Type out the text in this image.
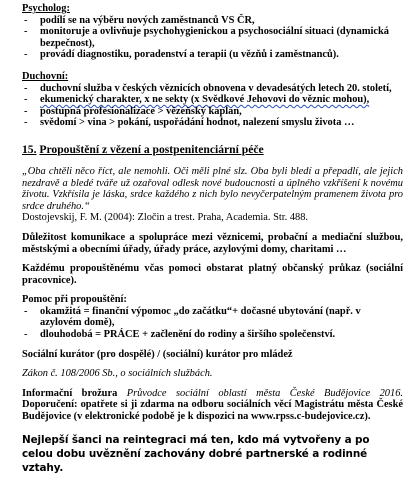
Psycholog:

- podílí se na výběru nových zaměstnanců VS ČR,
- monitoruje a ovlivňuje psychohygienickou a psychosociální situaci (dynamická bezpečnost),
- provádí diagnostiku, poradenství a terapii (u vězňů i zaměstnanců).

Duchovní:

- duchovní služba v českých věznicích obnovena v devadesátých letech 20. století,
- ekumenický charakter, x ne sekty (x Svědkové Jehovovi do věznic mohou),
- postupná profesionalizace > vězeňský kaplan,
- svědomí > vina > pokání, uspořádání hodnot, nalezení smyslu života …

15. Propouštění z vězení a postpenitenciární péče

„Oba chtěli něco říct, ale nemohli. Oči měli plné slz. Oba byli bledí a přepadlí, ale jejich nezdravě a bledé tváře už ozařoval odlesk nové budoucnosti a úplného vzkříšení k novému životu. Vzkřísila je láska, srdce každého z nich bylo nevyčerpatelným pramenem života pro srdce druhého.“

Dostojevskij, F. M. (2004): Zločin a trest. Praha, Academia. Str. 488.

Důležitost komunikace a spolupráce mezi věznicemi, probační a mediační službou, městskými a obecními úřady, úřady práce, azylovými domy, charitami …

Každému propouštěnému včas pomoci obstarat platný občanský průkaz (sociální pracovnice).

Pomoc při propouštění:

- okamžitá = finanční výpomoc „do začátku“+ dočasné ubytování (např. v azylovém domě),
- dlouhodobá = PRÁCE + začlenění do rodiny a širšího společenství.

Sociální kurátor (pro dospělé) / (sociální) kurátor pro mládež

Zákon č. 108/2006 Sb., o sociálních službách.

Informační brožura Průvodce sociální oblastí města České Budějovice 2016. Doporučení: opatřete si ji zdarma na odboru sociálních věcí Magistrátu města České Budějovice (v elektronické podobě je k dispozici na www.rpss.c-budejovice.cz).

Nejlepší šanci na reintegraci má ten, kdo má vytvořeny a po celou dobu uvěznění zachovány dobré partnerské a rodinné vztahy.
